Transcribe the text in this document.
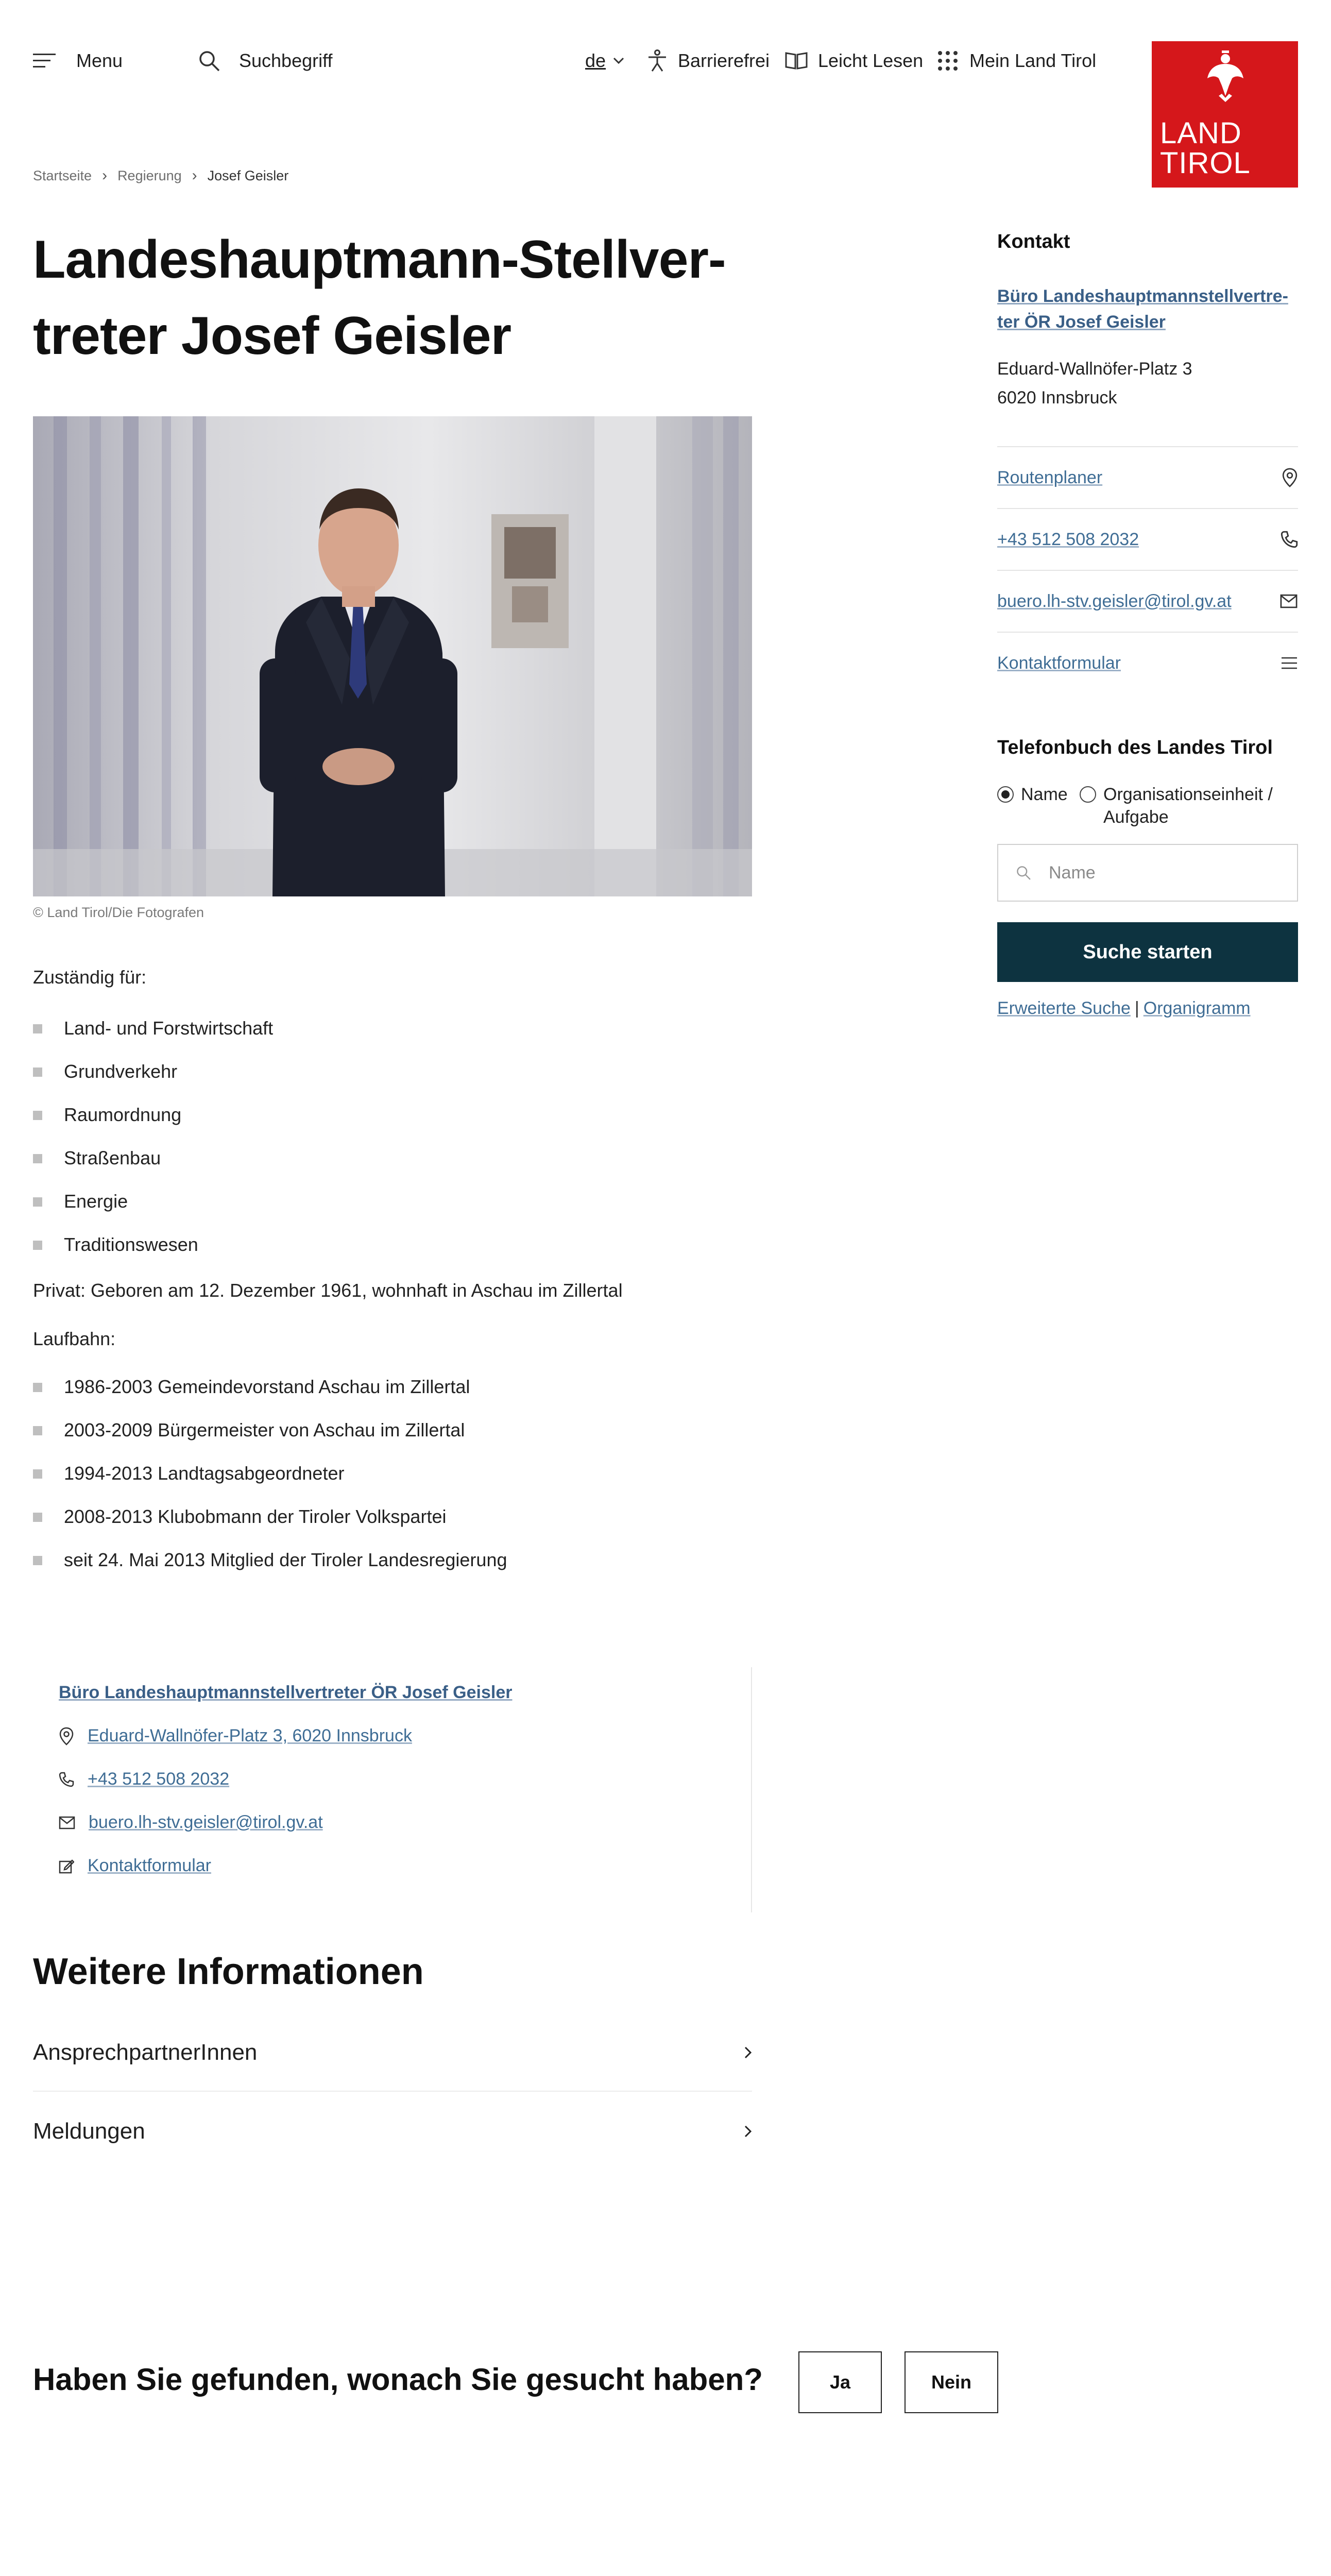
Menu	Suchbegriff	de	Barrierefrei	Leicht Lesen Mein Land Tirol
LAND
TIROL
Startseite › Regierung › Josef Geisler
Landeshauptmann-Stellvertreter Josef Geisler
© Land Tirol/Die Fotografen
Zuständig für:
Land- und Forstwirtschaft
Grundverkehr
Raumordnung
Straßenbau
Energie
Traditionswesen
Privat: Geboren am 12. Dezember 1961, wohnhaft in Aschau im Zillertal
Laufbahn:
1986-2003 Gemeindevorstand Aschau im Zillertal
2003-2009 Bürgermeister von Aschau im Zillertal
1994-2013 Landtagsabgeordneter
2008-2013 Klubobmann der Tiroler Volkspartei
seit 24. Mai 2013 Mitglied der Tiroler Landesregierung
Büro Landeshauptmannstellvertreter ÖR Josef Geisler
Eduard-Wallnöfer-Platz 3, 6020 Innsbruck
+43 512 508 2032
buero.lh-stv.geisler@tirol.gv.at
Kontaktformular
Weitere Informationen
AnsprechpartnerInnen
Meldungen
Haben Sie gefunden, wonach Sie gesucht haben?	Ja	Nein
Kontakt
Büro Landeshauptmannstellvertreter ÖR Josef Geisler
Eduard-Wallnöfer-Platz 3
6020 Innsbruck
Routenplaner
+43 512 508 2032
buero.lh-stv.geisler@tirol.gv.at
Kontaktformular
Telefonbuch des Landes Tirol
Name Organisationseinheit / Aufgabe
Name
Suche starten
Erweiterte Suche | Organigramm
